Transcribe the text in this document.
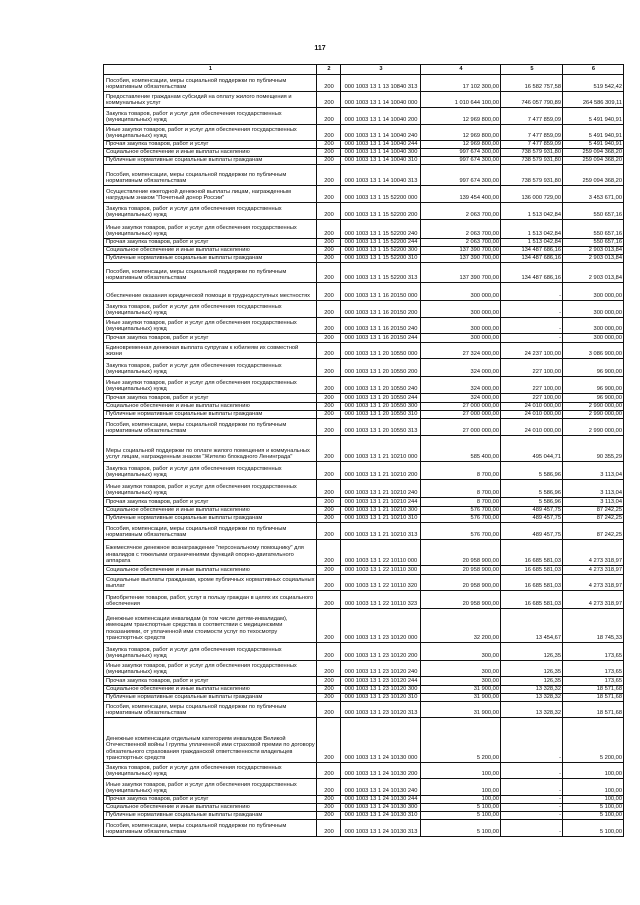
117
1	2	3	4	5	6
Пособия, компенсации, меры социальной поддержки по публичным нормативным обязательствам	200	000 1003 13 1 13 10840 313	17 102 300,00	16 582 757,58	519 542,42
Предоставление гражданам субсидий на оплату жилого помещения и коммунальных услуг	200	000 1003 13 1 14 10040 000	1 010 644 100,00	746 057 790,89	264 586 309,11
Закупка товаров, работ и услуг для обеспечения государственных (муниципальных) нужд	200	000 1003 13 1 14 10040 200	12 969 800,00	7 477 859,09	5 491 940,91
Иные закупки товаров, работ и услуг для обеспечения государственных (муниципальных) нужд	200	000 1003 13 1 14 10040 240	12 969 800,00	7 477 859,09	5 491 940,91
Прочая закупка товаров, работ и услуг	200	000 1003 13 1 14 10040 244	12 969 800,00	7 477 859,09	5 491 940,91
Социальное обеспечение и иные выплаты населению	200	000 1003 13 1 14 10040 300	997 674 300,00	738 579 931,80	259 094 368,20
Публичные нормативные социальные выплаты гражданам	200	000 1003 13 1 14 10040 310	997 674 300,00	738 579 931,80	259 094 368,20
Пособия, компенсации, меры социальной поддержки по публичным нормативным обязательствам	200	000 1003 13 1 14 10040 313	997 674 300,00	738 579 931,80	259 094 368,20
Осуществление ежегодной денежной выплаты лицам, награжденным нагрудным знаком "Почетный донор России"	200	000 1003 13 1 15 52200 000	139 454 400,00	136 000 729,00	3 453 671,00
Закупка товаров, работ и услуг для обеспечения государственных (муниципальных) нужд	200	000 1003 13 1 15 52200 200	2 063 700,00	1 513 042,84	550 657,16
Иные закупки товаров, работ и услуг для обеспечения государственных (муниципальных) нужд	200	000 1003 13 1 15 52200 240	2 063 700,00	1 513 042,84	550 657,16
Прочая закупка товаров, работ и услуг	200	000 1003 13 1 15 52200 244	2 063 700,00	1 513 042,84	550 657,16
Социальное обеспечение и иные выплаты населению	200	000 1003 13 1 15 52200 300	137 390 700,00	134 487 686,16	2 903 013,84
Публичные нормативные социальные выплаты гражданам	200	000 1003 13 1 15 52200 310	137 390 700,00	134 487 686,16	2 903 013,84
Пособия, компенсации, меры социальной поддержки по публичным нормативным обязательствам	200	000 1003 13 1 15 52200 313	137 390 700,00	134 487 686,16	2 903 013,84
Обеспечение оказания юридической помощи в труднодоступных местностях	200	000 1003 13 1 16 20150 000	300 000,00	-	300 000,00
Закупка товаров, работ и услуг для обеспечения государственных (муниципальных) нужд	200	000 1003 13 1 16 20150 200	300 000,00	-	300 000,00
Иные закупки товаров, работ и услуг для обеспечения государственных (муниципальных) нужд	200	000 1003 13 1 16 20150 240	300 000,00	-	300 000,00
Прочая закупка товаров, работ и услуг	200	000 1003 13 1 16 20150 244	300 000,00	-	300 000,00
Единовременная денежная выплата супругам к юбилеям их совместной жизни	200	000 1003 13 1 20 10550 000	27 324 000,00	24 237 100,00	3 086 900,00
Закупка товаров, работ и услуг для обеспечения государственных (муниципальных) нужд	200	000 1003 13 1 20 10550 200	324 000,00	227 100,00	96 900,00
Иные закупки товаров, работ и услуг для обеспечения государственных (муниципальных) нужд	200	000 1003 13 1 20 10550 240	324 000,00	227 100,00	96 900,00
Прочая закупка товаров, работ и услуг	200	000 1003 13 1 20 10550 244	324 000,00	227 100,00	96 900,00
Социальное обеспечение и иные выплаты населению	200	000 1003 13 1 20 10550 300	27 000 000,00	24 010 000,00	2 990 000,00
Публичные нормативные социальные выплаты гражданам	200	000 1003 13 1 20 10550 310	27 000 000,00	24 010 000,00	2 990 000,00
Пособия, компенсации, меры социальной поддержки по публичным нормативным обязательствам	200	000 1003 13 1 20 10550 313	27 000 000,00	24 010 000,00	2 990 000,00
Меры социальной поддержки по оплате жилого помещения и коммунальных услуг лицам, награжденным знаком "Жителю блокадного Ленинграда"	200	000 1003 13 1 21 10210 000	585 400,00	495 044,71	90 355,29
Закупка товаров, работ и услуг для обеспечения государственных (муниципальных) нужд	200	000 1003 13 1 21 10210 200	8 700,00	5 586,96	3 113,04
Иные закупки товаров, работ и услуг для обеспечения государственных (муниципальных) нужд	200	000 1003 13 1 21 10210 240	8 700,00	5 586,96	3 113,04
Прочая закупка товаров, работ и услуг	200	000 1003 13 1 21 10210 244	8 700,00	5 586,96	3 113,04
Социальное обеспечение и иные выплаты населению	200	000 1003 13 1 21 10210 300	576 700,00	489 457,75	87 242,25
Публичные нормативные социальные выплаты гражданам	200	000 1003 13 1 21 10210 310	576 700,00	489 457,75	87 242,25
Пособия, компенсации, меры социальной поддержки по публичным нормативным обязательствам	200	000 1003 13 1 21 10210 313	576 700,00	489 457,75	87 242,25
Ежемесячное денежное вознаграждение "персональному помощнику" для инвалидов с тяжелыми ограничениями функций опорно-двигательного аппарата	200	000 1003 13 1 22 10110 000	20 958 900,00	16 685 581,03	4 273 318,97
Социальное обеспечение и иные выплаты населению	200	000 1003 13 1 22 10110 300	20 958 900,00	16 685 581,03	4 273 318,97
Социальные выплаты гражданам, кроме публичных нормативных социальных выплат	200	000 1003 13 1 22 10110 320	20 958 900,00	16 685 581,03	4 273 318,97
Приобретение товаров, работ, услуг в пользу граждан в целях их социального обеспечения	200	000 1003 13 1 22 10110 323	20 958 900,00	16 685 581,03	4 273 318,97
Денежные компенсации инвалидам (в том числе детям-инвалидам), имеющим транспортные средства в соответствии с медицинскими показаниями, от уплаченной ими стоимости услуг по техосмотру транспортных средств	200	000 1003 13 1 23 10120 000	32 200,00	13 454,67	18 745,33
Закупка товаров, работ и услуг для обеспечения государственных (муниципальных) нужд	200	000 1003 13 1 23 10120 200	300,00	126,35	173,65
Иные закупки товаров, работ и услуг для обеспечения государственных (муниципальных) нужд	200	000 1003 13 1 23 10120 240	300,00	126,35	173,65
Прочая закупка товаров, работ и услуг	200	000 1003 13 1 23 10120 244	300,00	126,35	173,65
Социальное обеспечение и иные выплаты населению	200	000 1003 13 1 23 10120 300	31 900,00	13 328,32	18 571,68
Публичные нормативные социальные выплаты гражданам	200	000 1003 13 1 23 10120 310	31 900,00	13 328,32	18 571,68
Пособия, компенсации, меры социальной поддержки по публичным нормативным обязательствам	200	000 1003 13 1 23 10120 313	31 900,00	13 328,32	18 571,68
Денежные компенсации отдельным категориям инвалидов Великой Отечественной войны I группы уплаченной ими страховой премии по договору обязательного страхования гражданской ответственности владельцев транспортных средств	200	000 1003 13 1 24 10130 000	5 200,00	-	5 200,00
Закупка товаров, работ и услуг для обеспечения государственных (муниципальных) нужд	200	000 1003 13 1 24 10130 200	100,00	-	100,00
Иные закупки товаров, работ и услуг для обеспечения государственных (муниципальных) нужд	200	000 1003 13 1 24 10130 240	100,00	-	100,00
Прочая закупка товаров, работ и услуг	200	000 1003 13 1 24 10130 244	100,00	-	100,00
Социальное обеспечение и иные выплаты населению	200	000 1003 13 1 24 10130 300	5 100,00	-	5 100,00
Публичные нормативные социальные выплаты гражданам	200	000 1003 13 1 24 10130 310	5 100,00	-	5 100,00
Пособия, компенсации, меры социальной поддержки по публичным нормативным обязательствам	200	000 1003 13 1 24 10130 313	5 100,00	-	5 100,00
